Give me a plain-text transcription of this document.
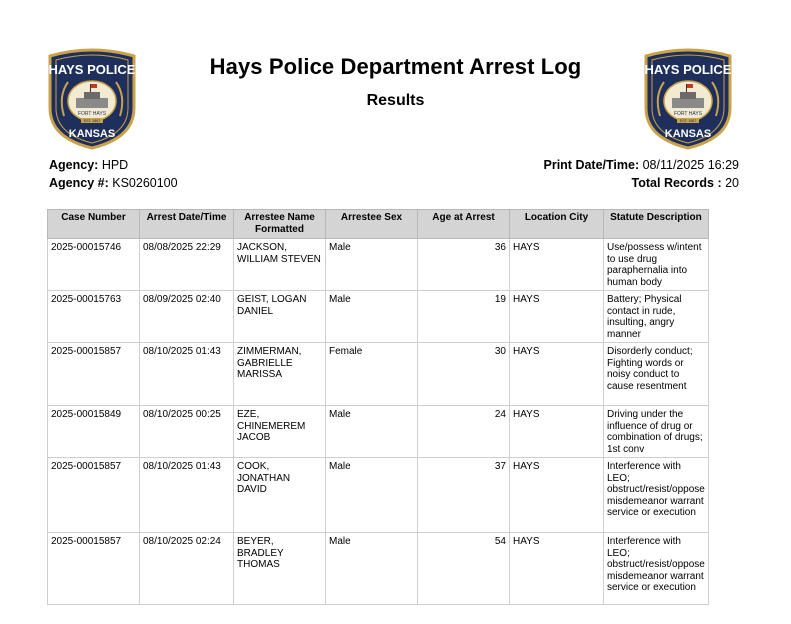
HAYS POLICE
FORT HAYS
EST. 1867
KANSAS
HAYS POLICE
FORT HAYS
EST. 1867
KANSAS
Hays Police Department Arrest Log
Results
Agency: HPD
Agency #: KS0260100
Print Date/Time: 08/11/2025 16:29
Total Records : 20
Case Number	Arrest Date/Time	Arrestee Name Formatted	Arrestee Sex	Age at Arrest	Location City	Statute Description
2025-00015746	08/08/2025 22:29	JACKSON, WILLIAM STEVEN	Male	36	HAYS	Use/possess w/intent to use drug paraphernalia into human body
2025-00015763	08/09/2025 02:40	GEIST, LOGAN DANIEL	Male	19	HAYS	Battery; Physical contact in rude, insulting, angry manner
2025-00015857	08/10/2025 01:43	ZIMMERMAN, GABRIELLE MARISSA	Female	30	HAYS	Disorderly conduct; Fighting words or noisy conduct to cause resentment
2025-00015849	08/10/2025 00:25	EZE, CHINEMEREM JACOB	Male	24	HAYS	Driving under the influence of drug or combination of drugs; 1st conv
2025-00015857	08/10/2025 01:43	COOK, JONATHAN DAVID	Male	37	HAYS	Interference with LEO; obstruct/resist/oppose misdemeanor warrant service or execution
2025-00015857	08/10/2025 02:24	BEYER, BRADLEY THOMAS	Male	54	HAYS	Interference with LEO; obstruct/resist/oppose misdemeanor warrant service or execution
